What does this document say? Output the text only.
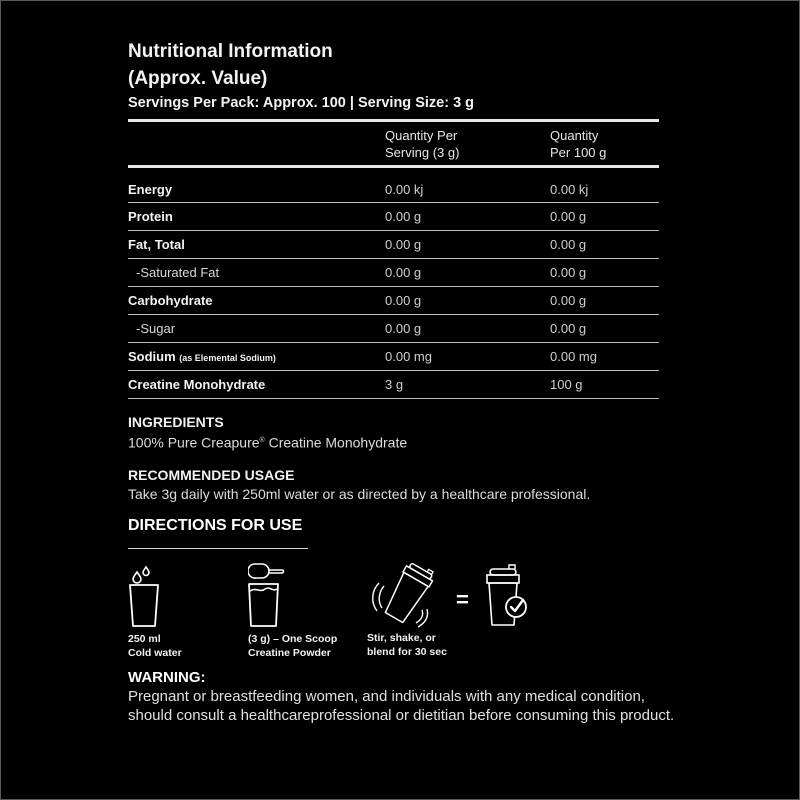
Nutritional Information
(Approx. Value)
Servings Per Pack: Approx. 100 | Serving Size: 3 g

Quantity Per
Serving (3 g)

Quantity
Per 100 g

Energy	0.00 kj	0.00 kj
Protein	0.00 g	0.00 g
Fat, Total	0.00 g	0.00 g
-Saturated Fat	0.00 g	0.00 g
Carbohydrate	0.00 g	0.00 g
-Sugar	0.00 g	0.00 g
Sodium (as Elemental Sodium)	0.00 mg	0.00 mg
Creatine Monohydrate	3 g	100 g
INGREDIENTS
100% Pure Creapure® Creatine Monohydrate
RECOMMENDED USAGE
Take 3g daily with 250ml water or as directed by a healthcare professional.
DIRECTIONS FOR USE
250 ml
Cold water
(3 g) – One Scoop
Creatine Powder
Stir, shake, or
blend for 30 sec
=
WARNING:
Pregnant or breastfeeding women, and individuals with any medical condition, should consult a healthcareprofessional or dietitian before consuming this product.
